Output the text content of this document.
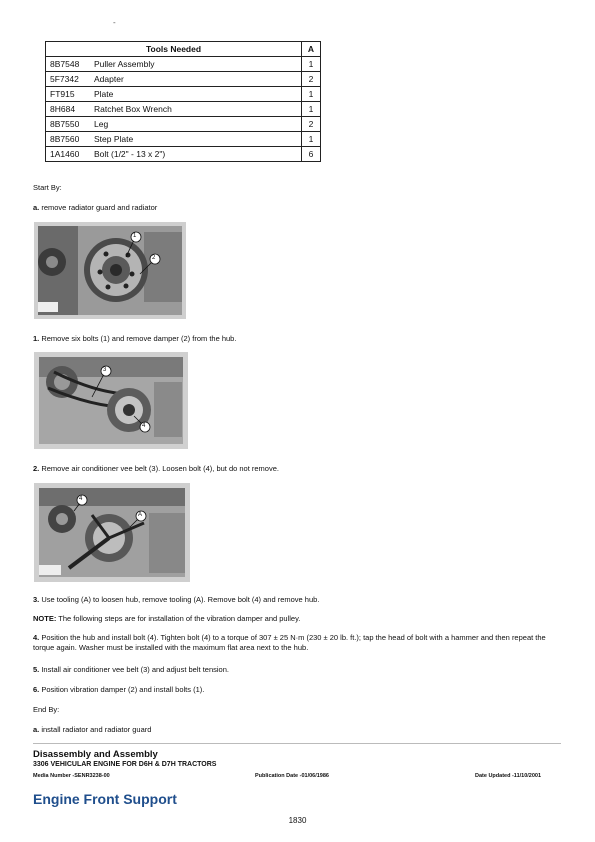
-
Tools Needed		A
8B7548	Puller Assembly	1
5F7342	Adapter	2
FT915	Plate	1
8H684	Ratchet Box Wrench	1
8B7550	Leg	2
8B7560	Step Plate	1
1A1460	Bolt (1/2" - 13 x 2")	6
Start By:
a. remove radiator guard and radiator
1
2
1. Remove six bolts (1) and remove damper (2) from the hub.
3
4
2. Remove air conditioner vee belt (3). Loosen bolt (4), but do not remove.
4
A
3. Use tooling (A) to loosen hub, remove tooling (A). Remove bolt (4) and remove hub.
NOTE: The following steps are for installation of the vibration damper and pulley.
4. Position the hub and install bolt (4). Tighten bolt (4) to a torque of 307 ± 25 N·m (230 ± 20 lb. ft.); tap the head of bolt with a hammer and then repeat the torque again. Washer must be installed with the maximum flat area next to the hub.
5. Install air conditioner vee belt (3) and adjust belt tension.
6. Position vibration damper (2) and install bolts (1).
End By:
a. install radiator and radiator guard
Disassembly and Assembly
3306 VEHICULAR ENGINE FOR D6H & D7H TRACTORS
Media Number -SENR3238-00	Publication Date -01/06/1986	Date Updated -11/10/2001
Engine Front Support
1830
